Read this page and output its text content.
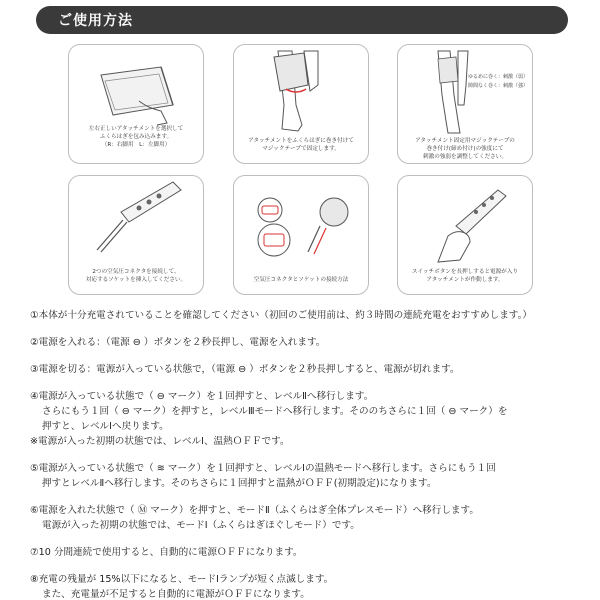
ご使用方法
左右正しいアタッチメントを選択して
ふくらはぎを包み込みます。
（R：右脚用　L：左脚用）
アタッチメントをふくらはぎに巻き付けて
マジックテープで固定します。
ゆるめに巻く：刺激（弱）
隙間なく巻く：刺激（強）
アタッチメント固定用マジックテープの
巻き付け(締め付け)の強度にて
刺激の強弱を調整してください。
2つの空気圧コネクタを接続して、
対応するソケットを挿入してください。	空気圧コネクタとソケットの接続方法
スイッチボタンを長押しすると電源が入り
アタッチメントが作動します。
①本体が十分充電されていることを確認してください（初回のご使用前は、約３時間の連続充電をおすすめします。）
②電源を入れる：（電源 ⊖ ）ボタンを２秒長押し、電源を入れます。
③電源を切る：電源が入っている状態で，（電源 ⊖ ）ボタンを２秒長押しすると、電源が切れます。
④電源が入っている状態で（ ⊖ マーク）を１回押すと、レベルⅡへ移行します。
さらにもう１回（ ⊖ マーク）を押すと，レベルⅢモードへ移行します。そののちさらに１回（ ⊖ マーク）を
押すと、レベルⅠへ戻ります。
※電源が入った初期の状態では、レベルⅠ、温熱ＯＦＦです。
⑤電源が入っている状態で（ ≋ マーク）を１回押すと、レベルⅠの温熱モードへ移行します。さらにもう１回
押すとレベルⅡへ移行します。そのちさらに１回押すと温熱がＯＦＦ(初期設定)になります。
⑥電源を入れた状態で（ Ⓜ マーク）を押すと、モードⅡ（ふくらはぎ全体プレスモード）へ移行します。
電源が入った初期の状態では、モードⅠ（ふくらはぎほぐしモード）です。
⑦10 分間連続で使用すると、自動的に電源ＯＦＦになります。
⑧充電の残量が 15%以下になると、モードⅠランプが短く点滅します。
また、充電量が不足すると自動的に電源がＯＦＦになります。
